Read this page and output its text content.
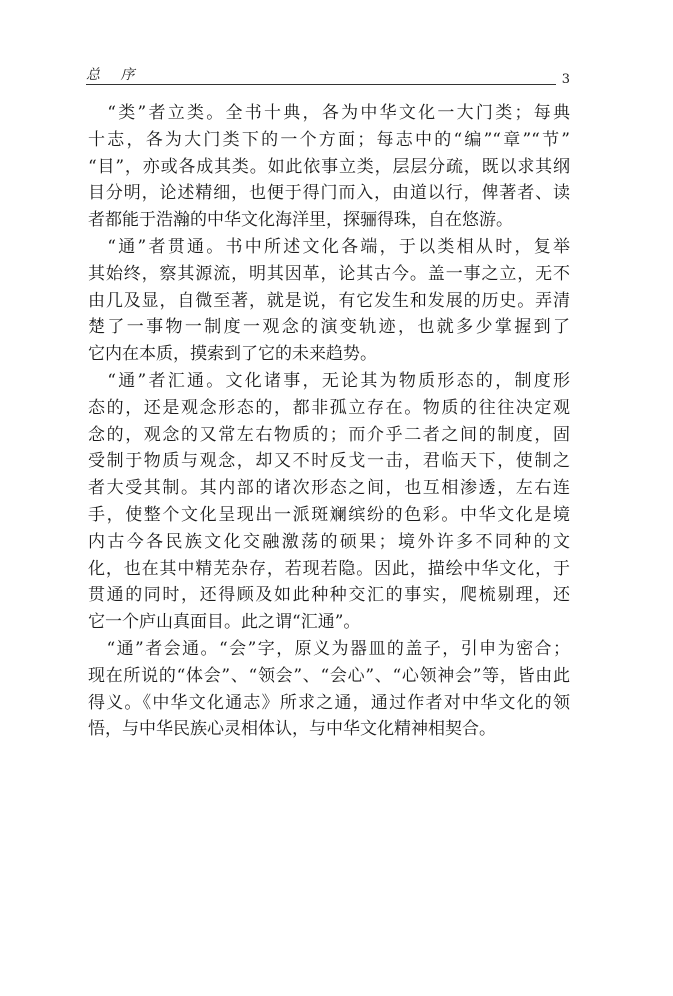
总 序	3
　“类”者立类。全书十典，各为中华文化一大门类；每典
十志，各为大门类下的一个方面；每志中的“编”“章”“节”
“目”，亦或各成其类。如此依事立类，层层分疏，既以求其纲
目分明，论述精细，也便于得门而入，由道以行，俾著者、读
者都能于浩瀚的中华文化海洋里，探骊得珠，自在悠游。
　“通”者贯通。书中所述文化各端，于以类相从时，复举
其始终，察其源流，明其因革，论其古今。盖一事之立，无不
由几及显，自微至著，就是说，有它发生和发展的历史。弄清
楚了一事物一制度一观念的演变轨迹，也就多少掌握到了
它内在本质，摸索到了它的未来趋势。
　“通”者汇通。文化诸事，无论其为物质形态的，制度形
态的，还是观念形态的，都非孤立存在。物质的往往决定观
念的，观念的又常左右物质的；而介乎二者之间的制度，固
受制于物质与观念，却又不时反戈一击，君临天下，使制之
者大受其制。其内部的诸次形态之间，也互相渗透，左右连
手，使整个文化呈现出一派斑斓缤纷的色彩。中华文化是境
内古今各民族文化交融激荡的硕果；境外许多不同种的文
化，也在其中精芜杂存，若现若隐。因此，描绘中华文化，于
贯通的同时，还得顾及如此种种交汇的事实，爬梳剔理，还
它一个庐山真面目。此之谓“汇通”。
　“通”者会通。“会”字，原义为器皿的盖子，引申为密合；
现在所说的“体会”、“领会”、“会心”、“心领神会”等，皆由此
得义。《中华文化通志》所求之通，通过作者对中华文化的领
悟，与中华民族心灵相体认，与中华文化精神相契合。
